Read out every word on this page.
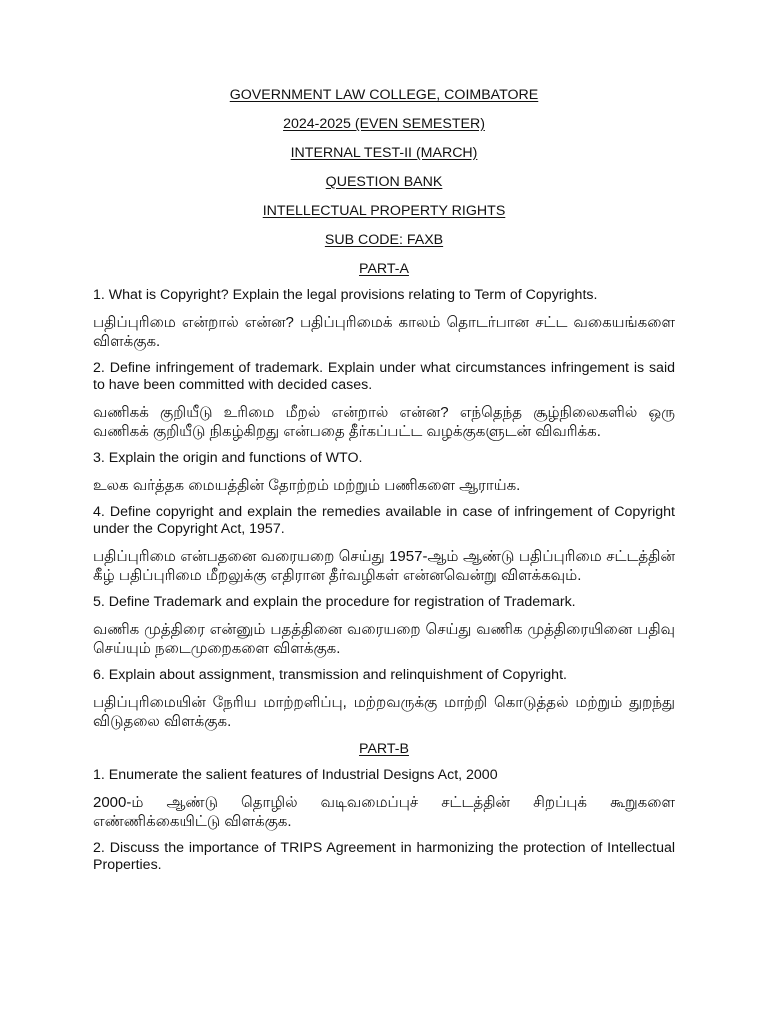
GOVERNMENT LAW COLLEGE, COIMBATORE

2024-2025 (EVEN SEMESTER)

INTERNAL TEST-II (MARCH)

QUESTION BANK

INTELLECTUAL PROPERTY RIGHTS

SUB CODE: FAXB

PART-A

1. What is Copyright? Explain the legal provisions relating to Term of Copyrights.

பதிப்புரிமை என்றால் என்ன? பதிப்புரிமைக் காலம் தொடர்பான சட்ட வகையங்களை விளக்குக.

2. Define infringement of trademark. Explain under what circumstances infringement is said to have been committed with decided cases.

வணிகக் குறியீடு உரிமை மீறல் என்றால் என்ன? எந்தெந்த சூழ்நிலைகளில் ஒரு வணிகக் குறியீடு நிகழ்கிறது என்பதை தீர்கப்பட்ட வழக்குகளுடன் விவரிக்க.

3. Explain the origin and functions of WTO.

உலக வர்த்தக மையத்தின் தோற்றம் மற்றும் பணிகளை ஆராய்க.

4. Define copyright and explain the remedies available in case of infringement of Copyright under the Copyright Act, 1957.

பதிப்புரிமை என்பதனை வரையறை செய்து 1957-ஆம் ஆண்டு பதிப்புரிமை சட்டத்தின் கீழ் பதிப்புரிமை மீறலுக்கு எதிரான தீர்வழிகள் என்னவென்று விளக்கவும்.

5. Define Trademark and explain the procedure for registration of Trademark.

வணிக முத்திரை என்னும் பதத்தினை வரையறை செய்து வணிக முத்திரையினை பதிவு செய்யும் நடைமுறைகளை விளக்குக.

6. Explain about assignment, transmission and relinquishment of Copyright.

பதிப்புரிமையின் நேரிய மாற்றளிப்பு, மற்றவருக்கு மாற்றி கொடுத்தல் மற்றும் துறந்து விடுதலை விளக்குக.

PART-B

1. Enumerate the salient features of Industrial Designs Act, 2000

2000-ம் ஆண்டு தொழில் வடிவமைப்புச் சட்டத்தின் சிறப்புக் கூறுகளை எண்ணிக்கையிட்டு விளக்குக.

2. Discuss the importance of TRIPS Agreement in harmonizing the protection of Intellectual Properties.
